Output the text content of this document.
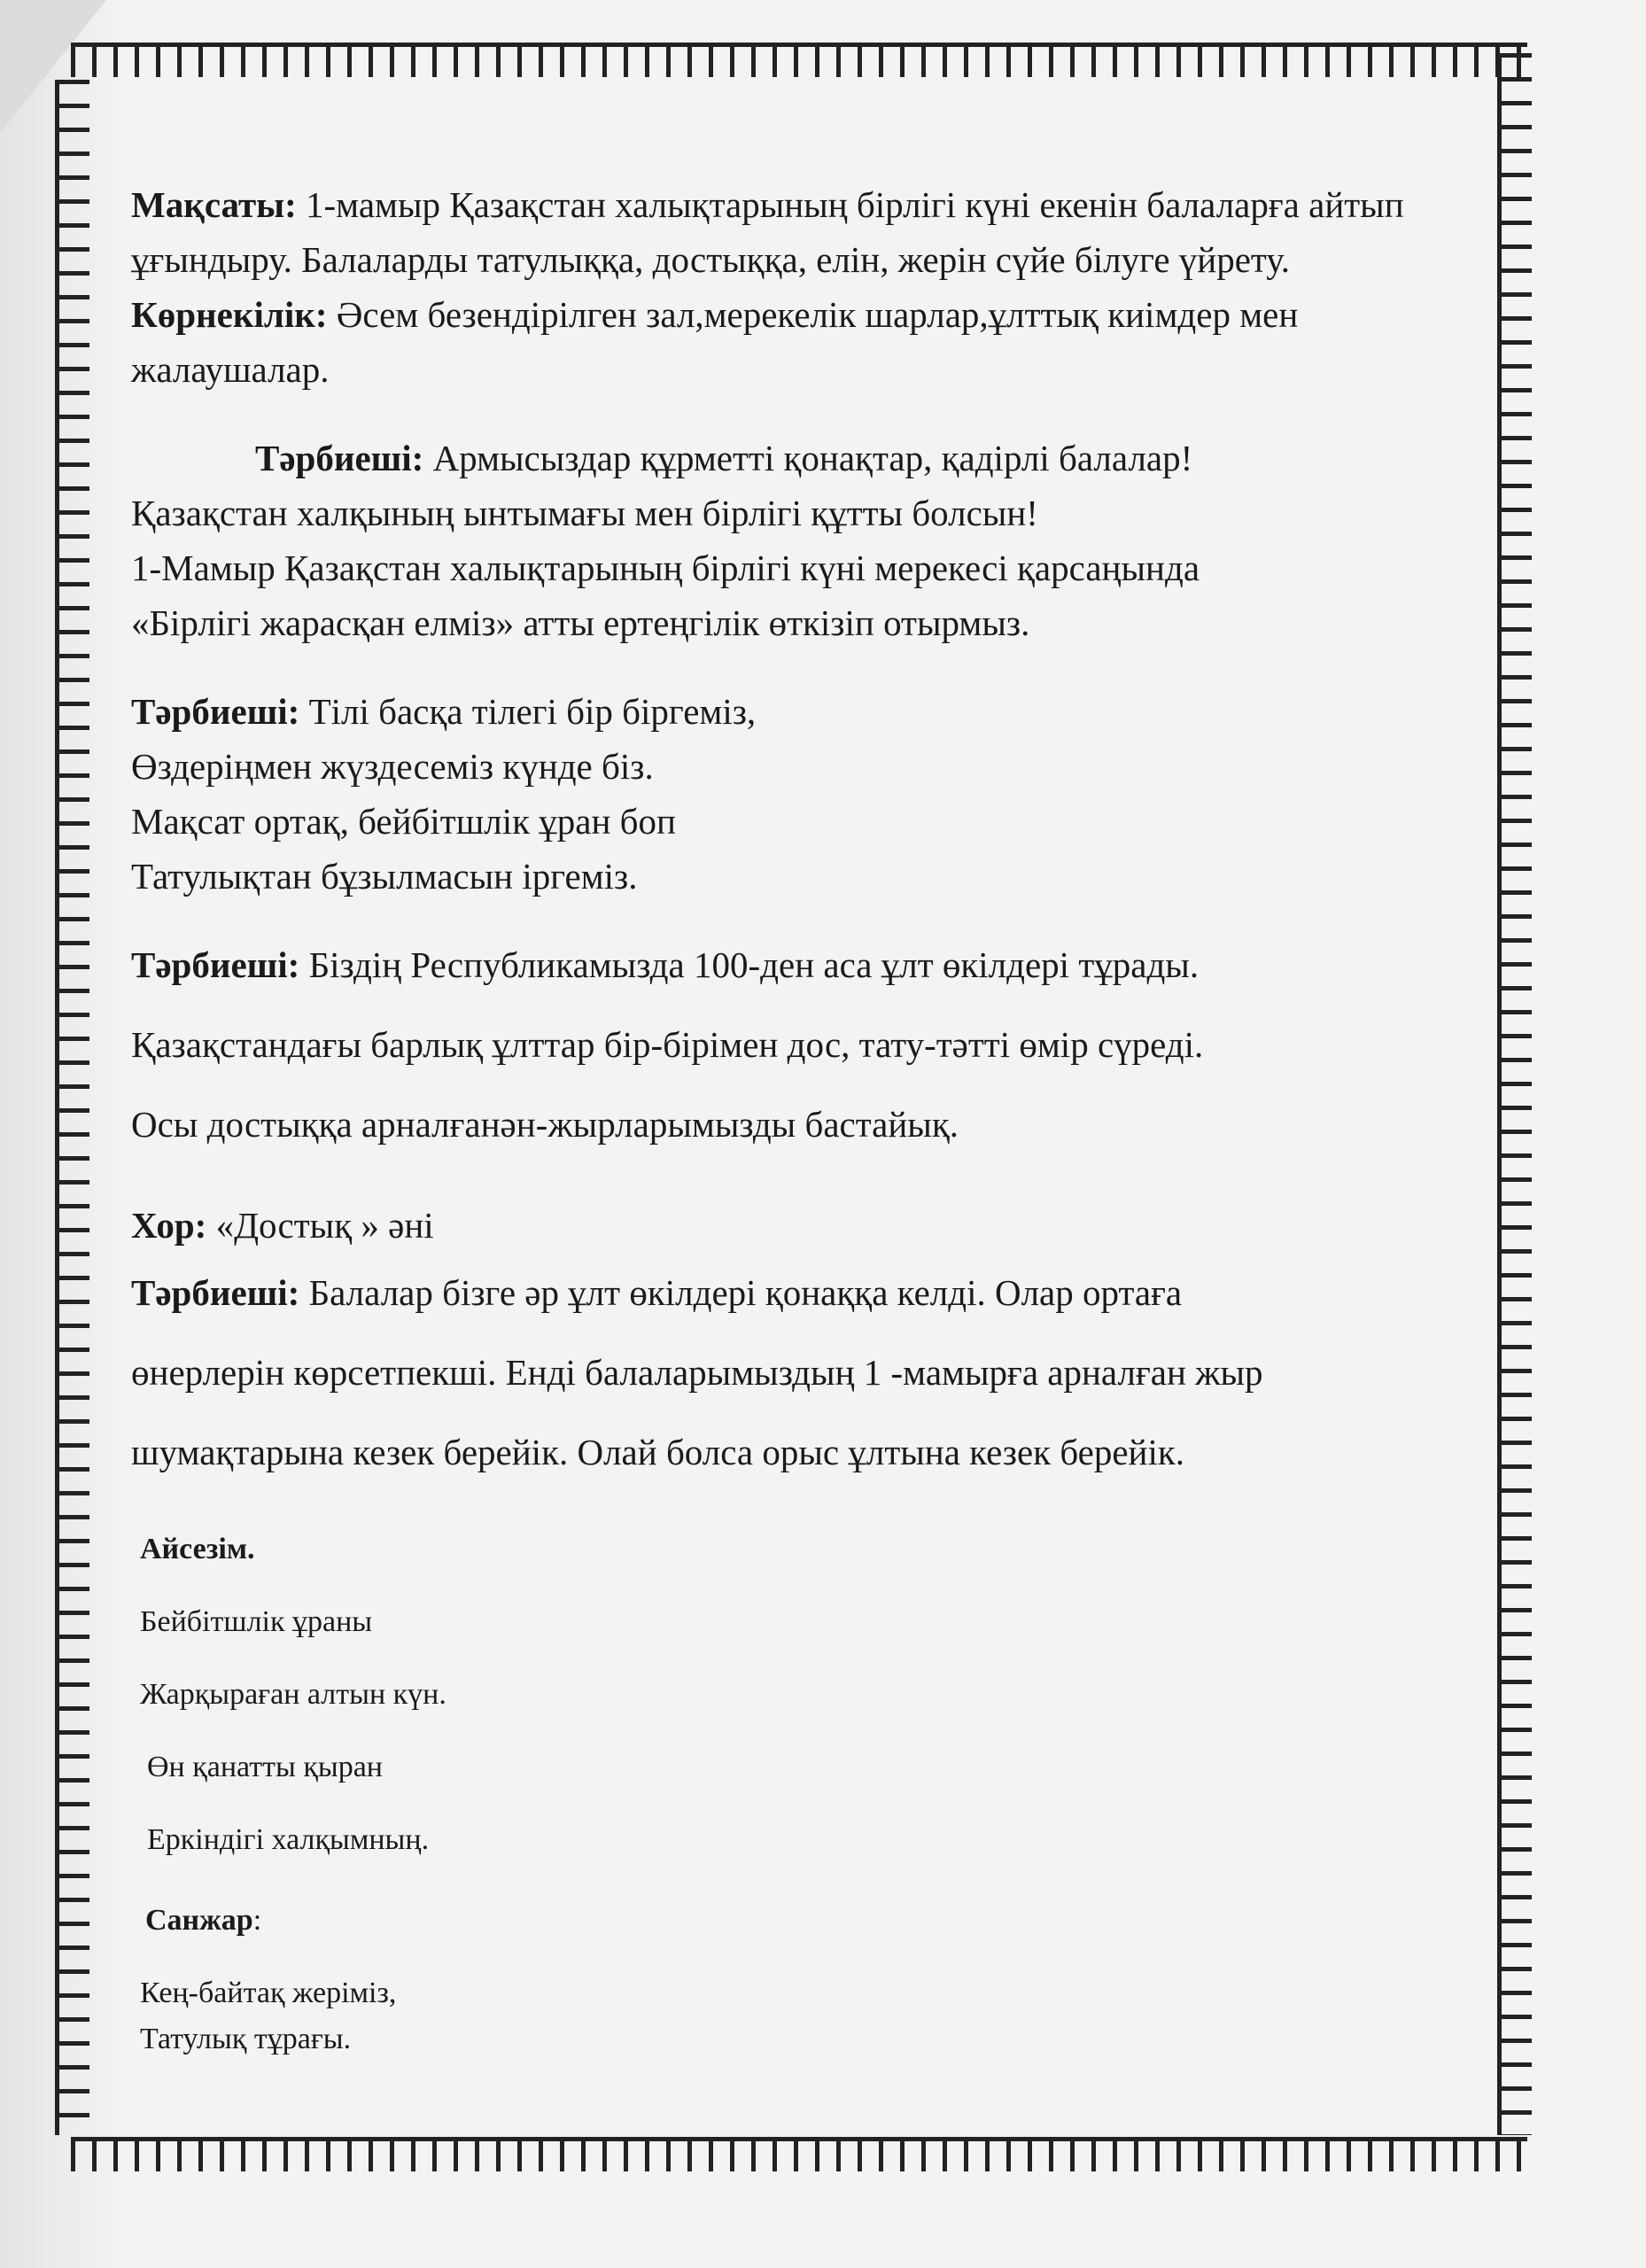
Мақсаты: 1-мамыр Қазақстан халықтарының бірлігі күні екенін балаларға айтып ұғындыру. Балаларды татулыққа, достыққа, елін, жерін сүйе білуге үйрету.

Көрнекілік: Әсем безендірілген зал,мерекелік шарлар,ұлттық киімдер мен жалаушалар.

Тәрбиеші: Армысыздар құрметті қонақтар, қадірлі балалар!

Қазақстан халқының ынтымағы мен бірлігі құтты болсын!

1-Мамыр Қазақстан халықтарының бірлігі күні мерекесі қарсаңында

«Бірлігі жарасқан елміз» атты ертеңгілік өткізіп отырмыз.

Тәрбиеші: Тілі басқа тілегі бір біргеміз,

Өздеріңмен жүздесеміз күнде біз.

Мақсат ортақ, бейбітшлік ұран боп

Татулықтан бұзылмасын іргеміз.

Тәрбиеші: Біздің Республикамызда 100-ден аса ұлт өкілдері тұрады.

Қазақстандағы барлық ұлттар бір-бірімен дос, тату-тәтті өмір сүреді.

Осы достыққа арналғанән-жырларымызды бастайық.

Хор: «Достық » әні

Тәрбиеші: Балалар бізге әр ұлт өкілдері қонаққа келді. Олар ортаға

өнерлерін көрсетпекші. Енді балаларымыздың 1 -мамырға арналған жыр

шумақтарына кезек берейік. Олай болса орыс ұлтына кезек берейік.

Айсезім.

Бейбітшлік ұраны

Жарқыраған алтын күн.

Өн қанатты қыран

Еркіндігі халқымның.

Санжар:

Кең-байтақ жеріміз,

Татулық тұрағы.
